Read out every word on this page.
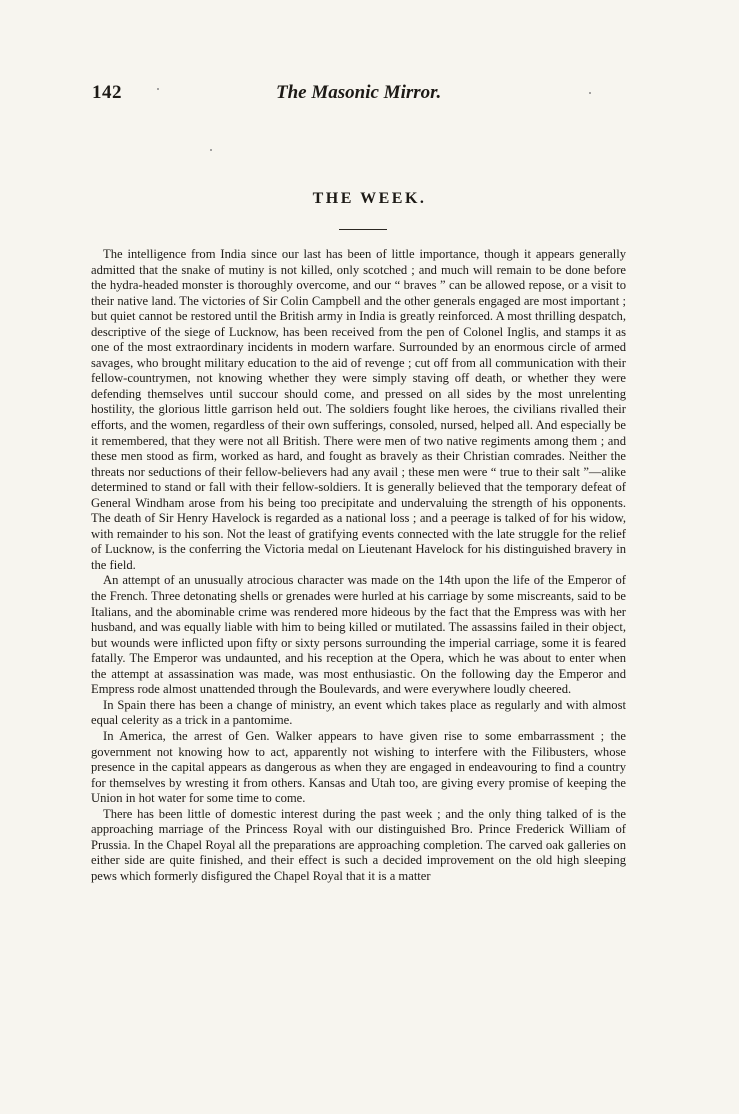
142	The Masonic Mirror.
THE WEEK.

The intelligence from India since our last has been of little importance, though it appears generally admitted that the snake of mutiny is not killed, only scotched ; and much will remain to be done before the hydra-headed monster is thoroughly overcome, and our “ braves ” can be allowed repose, or a visit to their native land. The victories of Sir Colin Campbell and the other generals engaged are most important ; but quiet cannot be restored until the British army in India is greatly reinforced. A most thrilling despatch, descriptive of the siege of Lucknow, has been received from the pen of Colonel Inglis, and stamps it as one of the most extraordinary incidents in modern warfare. Surrounded by an enormous circle of armed savages, who brought military education to the aid of revenge ; cut off from all communication with their fellow-countrymen, not knowing whether they were simply staving off death, or whether they were defending themselves until succour should come, and pressed on all sides by the most unrelenting hostility, the glorious little garrison held out. The soldiers fought like heroes, the civilians rivalled their efforts, and the women, regardless of their own sufferings, consoled, nursed, helped all. And especially be it remembered, that they were not all British. There were men of two native regiments among them ; and these men stood as firm, worked as hard, and fought as bravely as their Christian comrades. Neither the threats nor seductions of their fellow-believers had any avail ; these men were “ true to their salt ”—alike determined to stand or fall with their fellow-soldiers. It is generally believed that the temporary defeat of General Windham arose from his being too precipitate and undervaluing the strength of his opponents. The death of Sir Henry Havelock is regarded as a national loss ; and a peerage is talked of for his widow, with remainder to his son. Not the least of gratifying events connected with the late struggle for the relief of Lucknow, is the conferring the Victoria medal on Lieutenant Havelock for his distinguished bravery in the field.

An attempt of an unusually atrocious character was made on the 14th upon the life of the Emperor of the French. Three detonating shells or grenades were hurled at his carriage by some miscreants, said to be Italians, and the abominable crime was rendered more hideous by the fact that the Empress was with her husband, and was equally liable with him to being killed or mutilated. The assassins failed in their object, but wounds were inflicted upon fifty or sixty persons surrounding the imperial carriage, some it is feared fatally. The Emperor was undaunted, and his reception at the Opera, which he was about to enter when the attempt at assassination was made, was most enthusiastic. On the following day the Emperor and Empress rode almost unattended through the Boulevards, and were everywhere loudly cheered.

In Spain there has been a change of ministry, an event which takes place as regularly and with almost equal celerity as a trick in a pantomime.

In America, the arrest of Gen. Walker appears to have given rise to some embarrassment ; the government not knowing how to act, apparently not wishing to interfere with the Filibusters, whose presence in the capital appears as dangerous as when they are engaged in endeavouring to find a country for themselves by wresting it from others. Kansas and Utah too, are giving every promise of keeping the Union in hot water for some time to come.

There has been little of domestic interest during the past week ; and the only thing talked of is the approaching marriage of the Princess Royal with our distinguished Bro. Prince Frederick William of Prussia. In the Chapel Royal all the preparations are approaching completion. The carved oak galleries on either side are quite finished, and their effect is such a decided improvement on the old high sleeping pews which formerly disfigured the Chapel Royal that it is a matter
